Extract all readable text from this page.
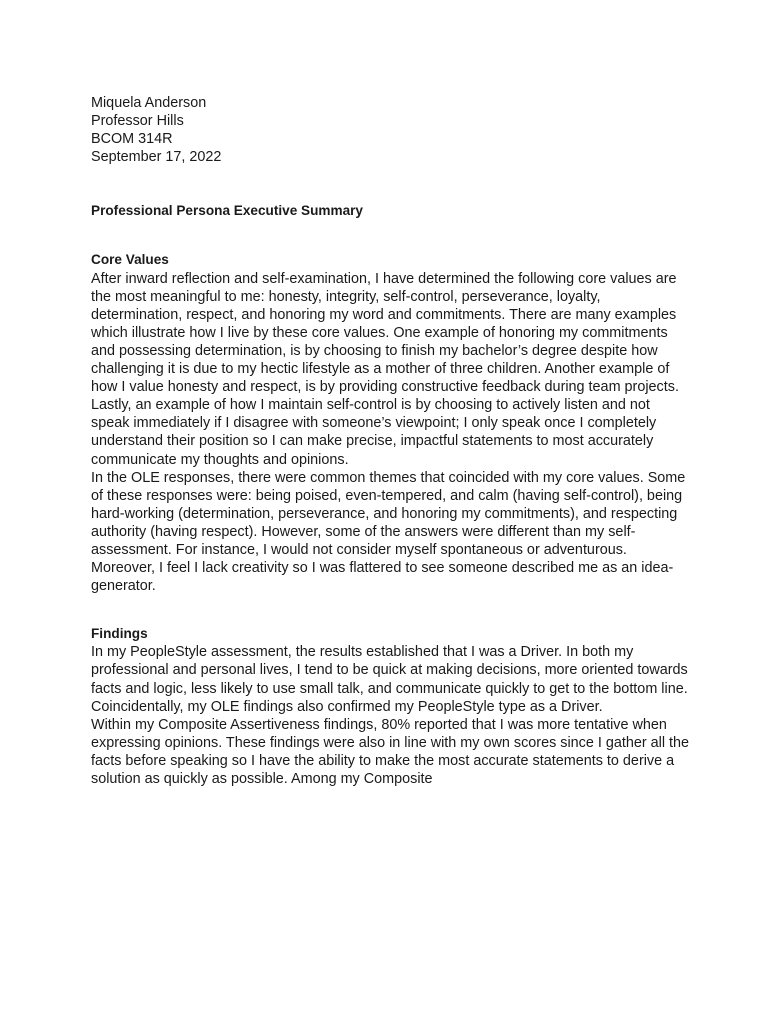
Miquela Anderson
Professor Hills
BCOM 314R
September 17, 2022
Professional Persona Executive Summary
Core Values

After inward reflection and self-examination, I have determined the following core values are the most meaningful to me: honesty, integrity, self-control, perseverance, loyalty, determination, respect, and honoring my word and commitments. There are many examples which illustrate how I live by these core values. One example of honoring my commitments and possessing determination, is by choosing to finish my bachelor’s degree despite how challenging it is due to my hectic lifestyle as a mother of three children. Another example of how I value honesty and respect, is by providing constructive feedback during team projects. Lastly, an example of how I maintain self-control is by choosing to actively listen and not speak immediately if I disagree with someone’s viewpoint; I only speak once I completely understand their position so I can make precise, impactful statements to most accurately communicate my thoughts and opinions.

In the OLE responses, there were common themes that coincided with my core values. Some of these responses were: being poised, even-tempered, and calm (having self-control), being hard-working (determination, perseverance, and honoring my commitments), and respecting authority (having respect). However, some of the answers were different than my self-assessment. For instance, I would not consider myself spontaneous or adventurous. Moreover, I feel I lack creativity so I was flattered to see someone described me as an idea-generator.

Findings

In my PeopleStyle assessment, the results established that I was a Driver. In both my professional and personal lives, I tend to be quick at making decisions, more oriented towards facts and logic, less likely to use small talk, and communicate quickly to get to the bottom line. Coincidentally, my OLE findings also confirmed my PeopleStyle type as a Driver.

Within my Composite Assertiveness findings, 80% reported that I was more tentative when expressing opinions. These findings were also in line with my own scores since I gather all the facts before speaking so I have the ability to make the most accurate statements to derive a solution as quickly as possible. Among my Composite
